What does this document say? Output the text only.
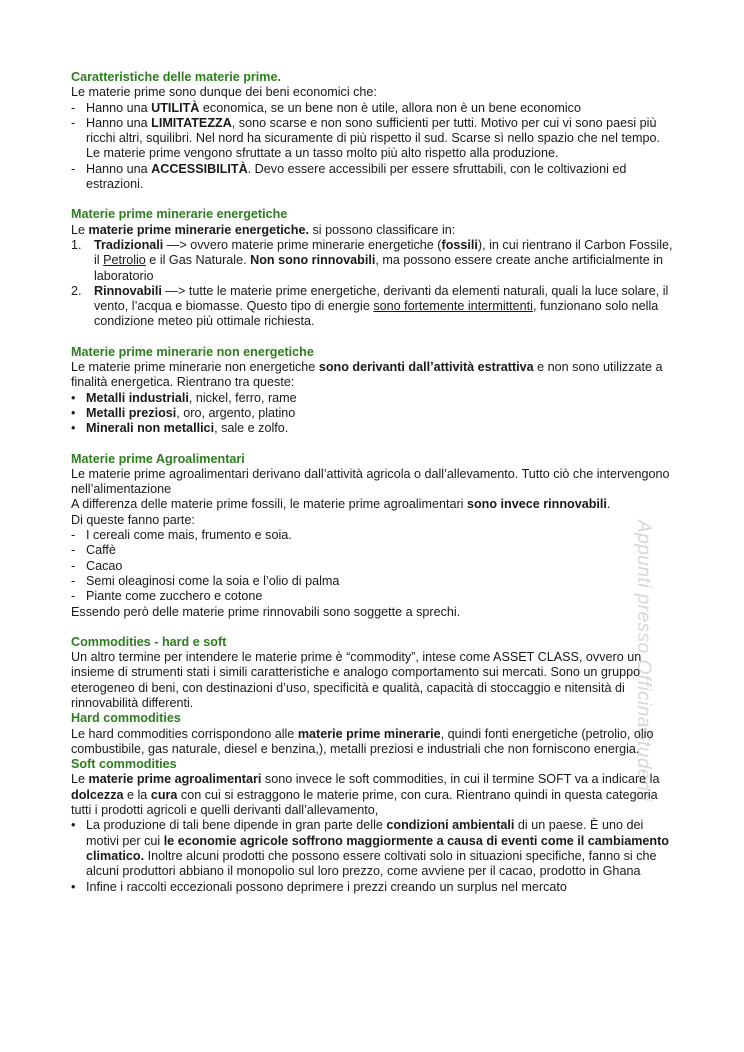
Appunti presso OfficinaStudenti

Caratteristiche delle materie prime.

Le materie prime sono dunque dei beni economici che:

- Hanno una UTILITÀ economica, se un bene non è utile, allora non è un bene economico
- Hanno una LIMITATEZZA, sono scarse e non sono sufficienti per tutti. Motivo per cui vi sono paesi più ricchi altri, squilibri. Nel nord ha sicuramente di più rispetto il sud. Scarse sì nello spazio che nel tempo. Le materie prime vengono sfruttate a un tasso molto più alto rispetto alla produzione.
- Hanno una ACCESSIBILITÀ. Devo essere accessibili per essere sfruttabili, con le coltivazioni ed estrazioni.

Materie prime minerarie energetiche

Le materie prime minerarie energetiche. si possono classificare in:

1. Tradizionali —> ovvero materie prime minerarie energetiche (fossili), in cui rientrano il Carbon Fossile, il Petrolio e il Gas Naturale. Non sono rinnovabili, ma possono essere create anche artificialmente in laboratorio
2. Rinnovabili —> tutte le materie prime energetiche, derivanti da elementi naturali, quali la luce solare, il vento, l’acqua e biomasse. Questo tipo di energie sono fortemente intermittenti, funzionano solo nella condizione meteo più ottimale richiesta.

Materie prime minerarie non energetiche

Le materie prime minerarie non energetiche sono derivanti dall’attività estrattiva e non sono utilizzate a finalità energetica. Rientrano tra queste:

• Metalli industriali, nickel, ferro, rame
• Metalli preziosi, oro, argento, platino
• Minerali non metallici, sale e zolfo.

Materie prime Agroalimentari

Le materie prime agroalimentari derivano dall’attività agricola o dall’allevamento. Tutto ciò che intervengono nell’alimentazione

A differenza delle materie prime fossili, le materie prime agroalimentari sono invece rinnovabili.

Di queste fanno parte:

- I cereali come mais, frumento e soia.
- Caffè
- Cacao
- Semi oleaginosi come la soia e l’olio di palma
- Piante come zucchero e cotone

Essendo però delle materie prime rinnovabili sono soggette a sprechi.

Commodities - hard e soft

Un altro termine per intendere le materie prime è “commodity”, intese come ASSET CLASS, ovvero un insieme di strumenti stati i simili caratteristiche e analogo comportamento sui mercati. Sono un gruppo eterogeneo di beni, con destinazioni d’uso, specificità e qualità, capacità di stoccaggio e nitensità di rinnovabilità differenti.

Hard commodities

Le hard commodities corrispondono alle materie prime minerarie, quindi fonti energetiche (petrolio, olio combustibile, gas naturale, diesel e benzina,), metalli preziosi e industriali che non forniscono energia.

Soft commodities

Le materie prime agroalimentari sono invece le soft commodities, in cui il termine SOFT va a indicare la dolcezza e la cura con cui si estraggono le materie prime, con cura. Rientrano quindi in questa categoria tutti i prodotti agricoli e quelli derivanti dall’allevamento,

• La produzione di tali bene dipende in gran parte delle condizioni ambientali di un paese. È uno dei motivi per cui le economie agricole soffrono maggiormente a causa di eventi come il cambiamento climatico. Inoltre alcuni prodotti che possono essere coltivati solo in situazioni specifiche, fanno si che alcuni produttori abbiano il monopolio sul loro prezzo, come avviene per il cacao, prodotto in Ghana
• Infine i raccolti eccezionali possono deprimere i prezzi creando un surplus nel mercato
